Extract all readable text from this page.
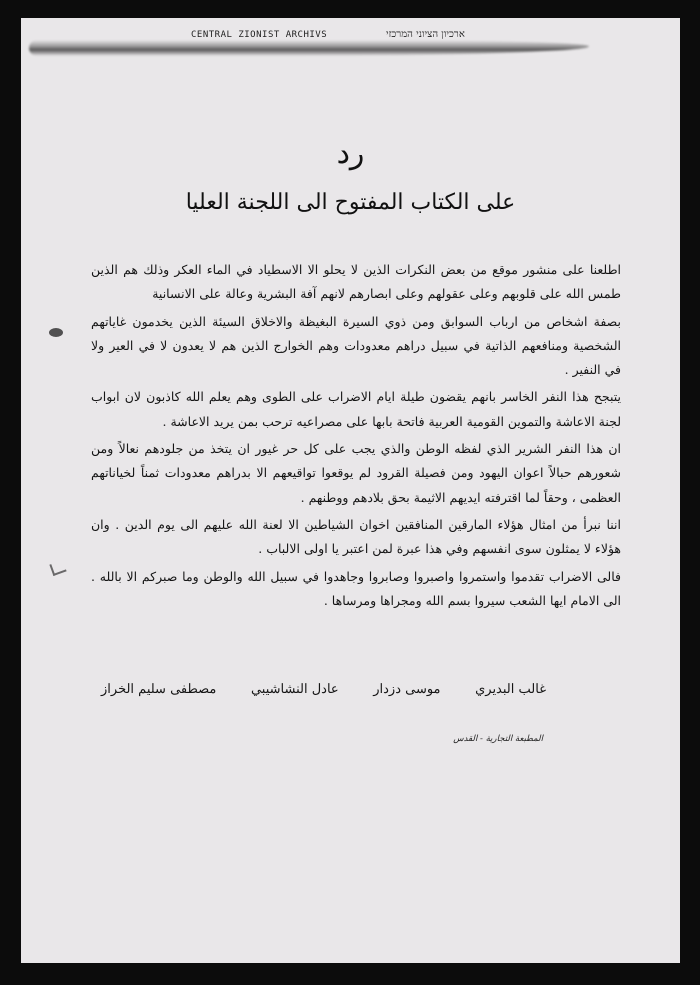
CENTRAL ZIONIST ARCHIVS	ארכיון הציוני המרכזי
رد
على الكتاب المفتوح الى اللجنة العليا

اطلعنا على منشور موقع من بعض النكرات الذين لا يحلو الا الاسطياد في الماء العكر وذلك هم الذين طمس الله على قلوبهم وعلى عقولهم وعلى ابصارهم لانهم آفة البشرية وعالة على الانسانية

بصفة اشخاص من ارباب السوابق ومن ذوي السيرة البغيظة والاخلاق السيئة الذين يخدمون غاياتهم الشخصية ومنافعهم الذاتية في سبيل دراهم معدودات وهم الخوارج الذين هم لا يعدون لا في العير ولا في النفير .

يتبجح هذا النفر الخاسر بانهم يقضون طيلة ايام الاضراب على الطوى وهم يعلم الله كاذبون لان ابواب لجنة الاعاشة والتموين القومية العربية فاتحة بابها على مصراعيه ترحب بمن يريد الاعاشة .

ان هذا النفر الشرير الذي لفظه الوطن والذي يجب على كل حر غيور ان يتخذ من جلودهم نعالاً ومن شعورهم حبالاً اعوان اليهود ومن فصيلة القرود لم يوقعوا تواقيعهم الا بدراهم معدودات ثمناً لخياناتهم العظمى ، وحقاً لما اقترفته ايديهم الاثيمة بحق بلادهم ووطنهم .

اننا نبرأ من امثال هؤلاء المارقين المنافقين اخوان الشياطين الا لعنة الله عليهم الى يوم الدين . وان هؤلاء لا يمثلون سوى انفسهم وفي هذا عبرة لمن اعتبر يا اولى الالباب .

فالى الاضراب تقدموا واستمروا واصبروا وصابروا وجاهدوا في سبيل الله والوطن وما صبركم الا بالله . الى الامام ايها الشعب سيروا بسم الله ومجراها ومرساها .

غالب البديري
موسى دزدار
عادل النشاشيبي
مصطفى سليم الخراز
المطبعة التجارية - القدس
